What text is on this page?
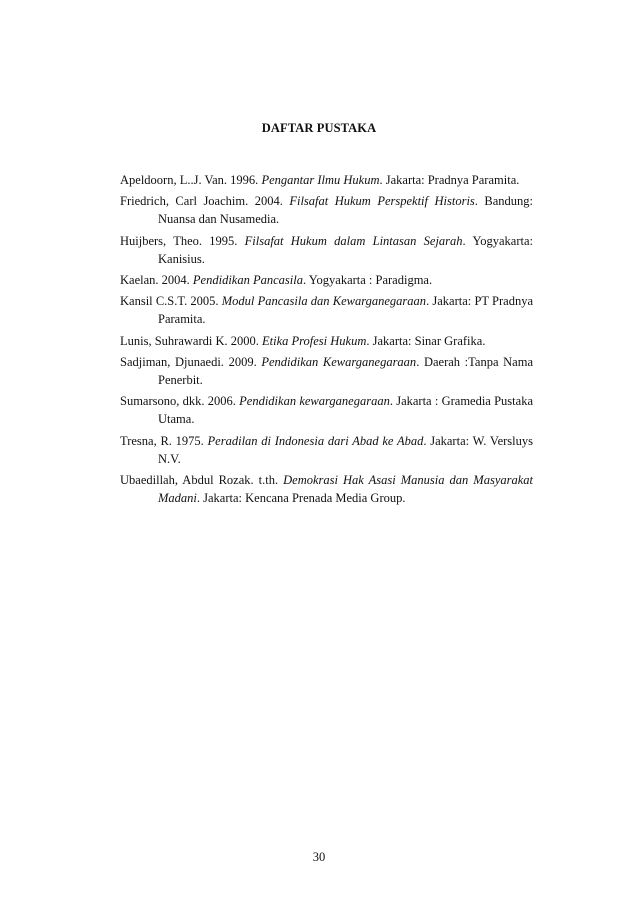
DAFTAR PUSTAKA
Apeldoorn, L..J. Van. 1996. Pengantar Ilmu Hukum. Jakarta: Pradnya Paramita.
Friedrich, Carl Joachim. 2004. Filsafat Hukum Perspektif Historis. Bandung: Nuansa dan Nusamedia.
Huijbers, Theo. 1995. Filsafat Hukum dalam Lintasan Sejarah. Yogyakarta: Kanisius.
Kaelan. 2004. Pendidikan Pancasila. Yogyakarta : Paradigma.
Kansil C.S.T. 2005. Modul Pancasila dan Kewarganegaraan. Jakarta: PT Pradnya Paramita.
Lunis, Suhrawardi K. 2000. Etika Profesi Hukum. Jakarta: Sinar Grafika.
Sadjiman, Djunaedi. 2009. Pendidikan Kewarganegaraan. Daerah :Tanpa Nama Penerbit.
Sumarsono, dkk. 2006. Pendidikan kewarganegaraan. Jakarta : Gramedia Pustaka Utama.
Tresna, R. 1975. Peradilan di Indonesia dari Abad ke Abad. Jakarta: W. Versluys N.V.
Ubaedillah, Abdul Rozak. t.th. Demokrasi Hak Asasi Manusia dan Masyarakat Madani. Jakarta: Kencana Prenada Media Group.

30
